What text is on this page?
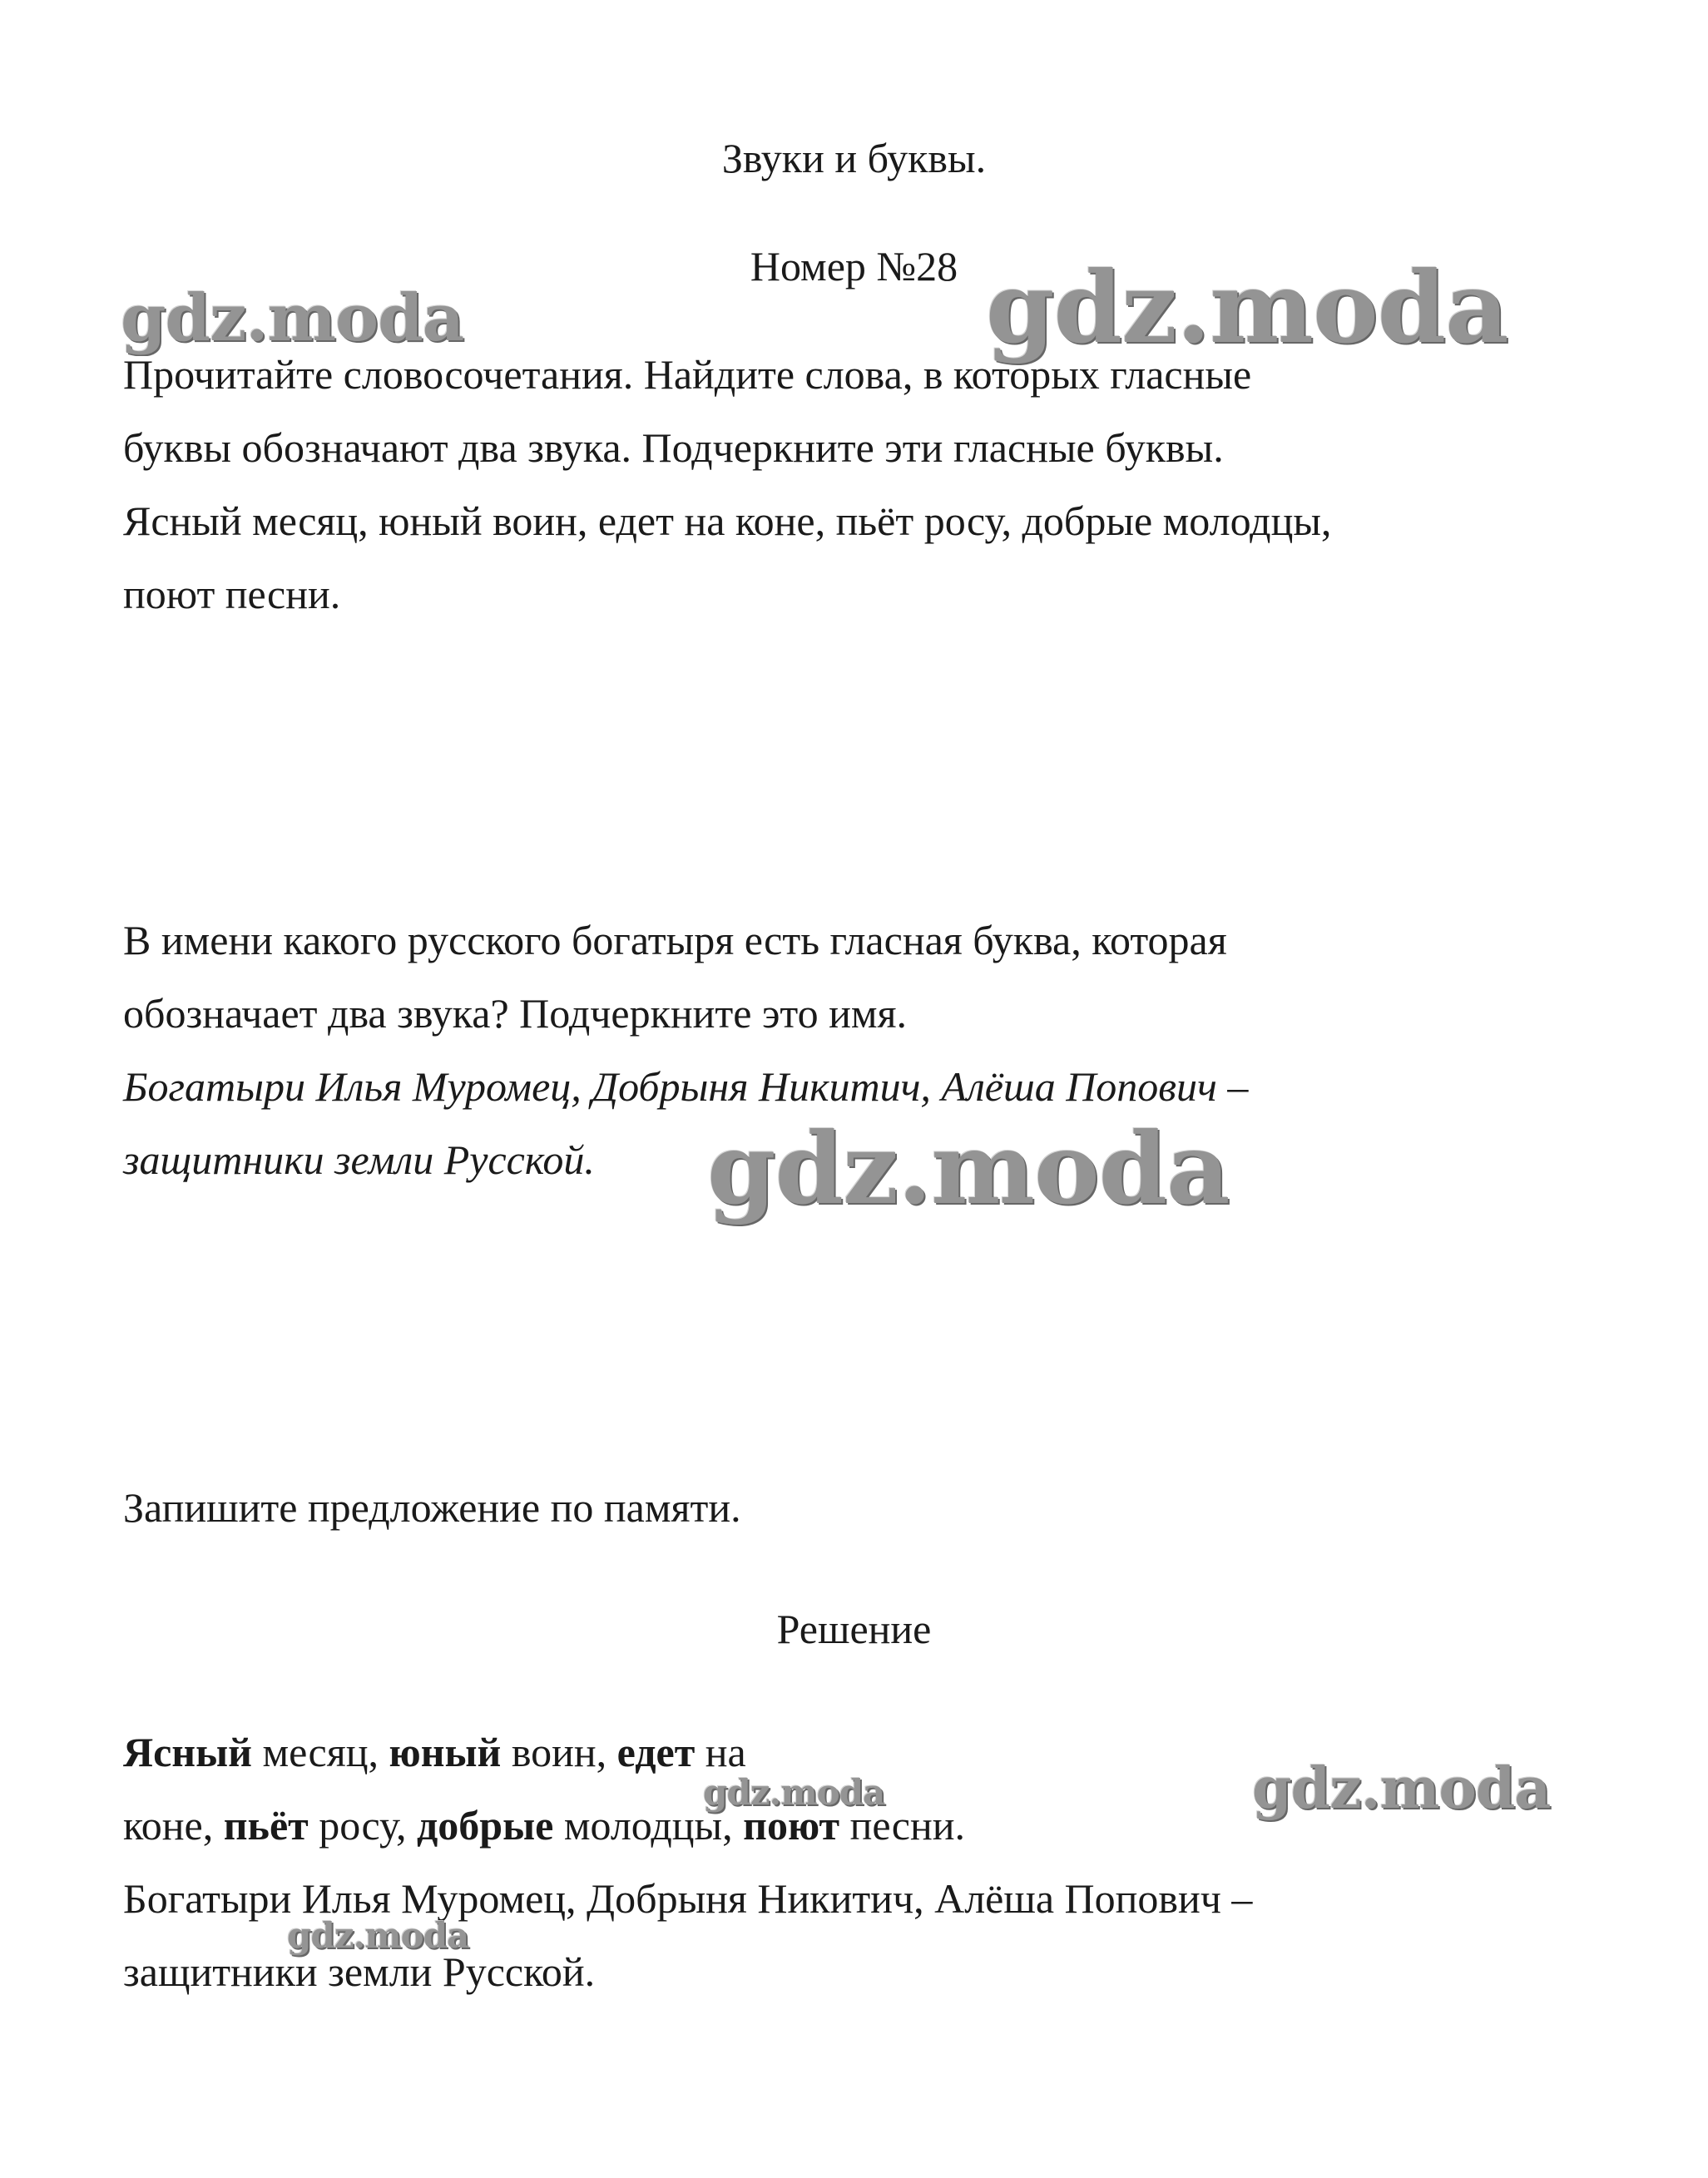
Звуки и буквы.
Номер №28
Прочитайте словосочетания. Найдите слова, в которых гласные
буквы обозначают два звука. Подчеркните эти гласные буквы.
Ясный месяц, юный воин, едет на коне, пьёт росу, добрые молодцы,
поют песни.
В имени какого русского богатыря есть гласная буква, которая
обозначает два звука? Подчеркните это имя.
Богатыри Илья Муромец, Добрыня Никитич, Алёша Попович –
защитники земли Русской.
Запишите предложение по памяти.
Решение
Ясный месяц, юный воин, едет на
коне, пьёт росу, добрые молодцы, поют песни.
Богатыри Илья Муромец, Добрыня Никитич, Алёша Попович –
защитники земли Русской.
gdz.moda	gdz.moda
gdz.moda
gdz.moda
gdz.moda
gdz.moda
